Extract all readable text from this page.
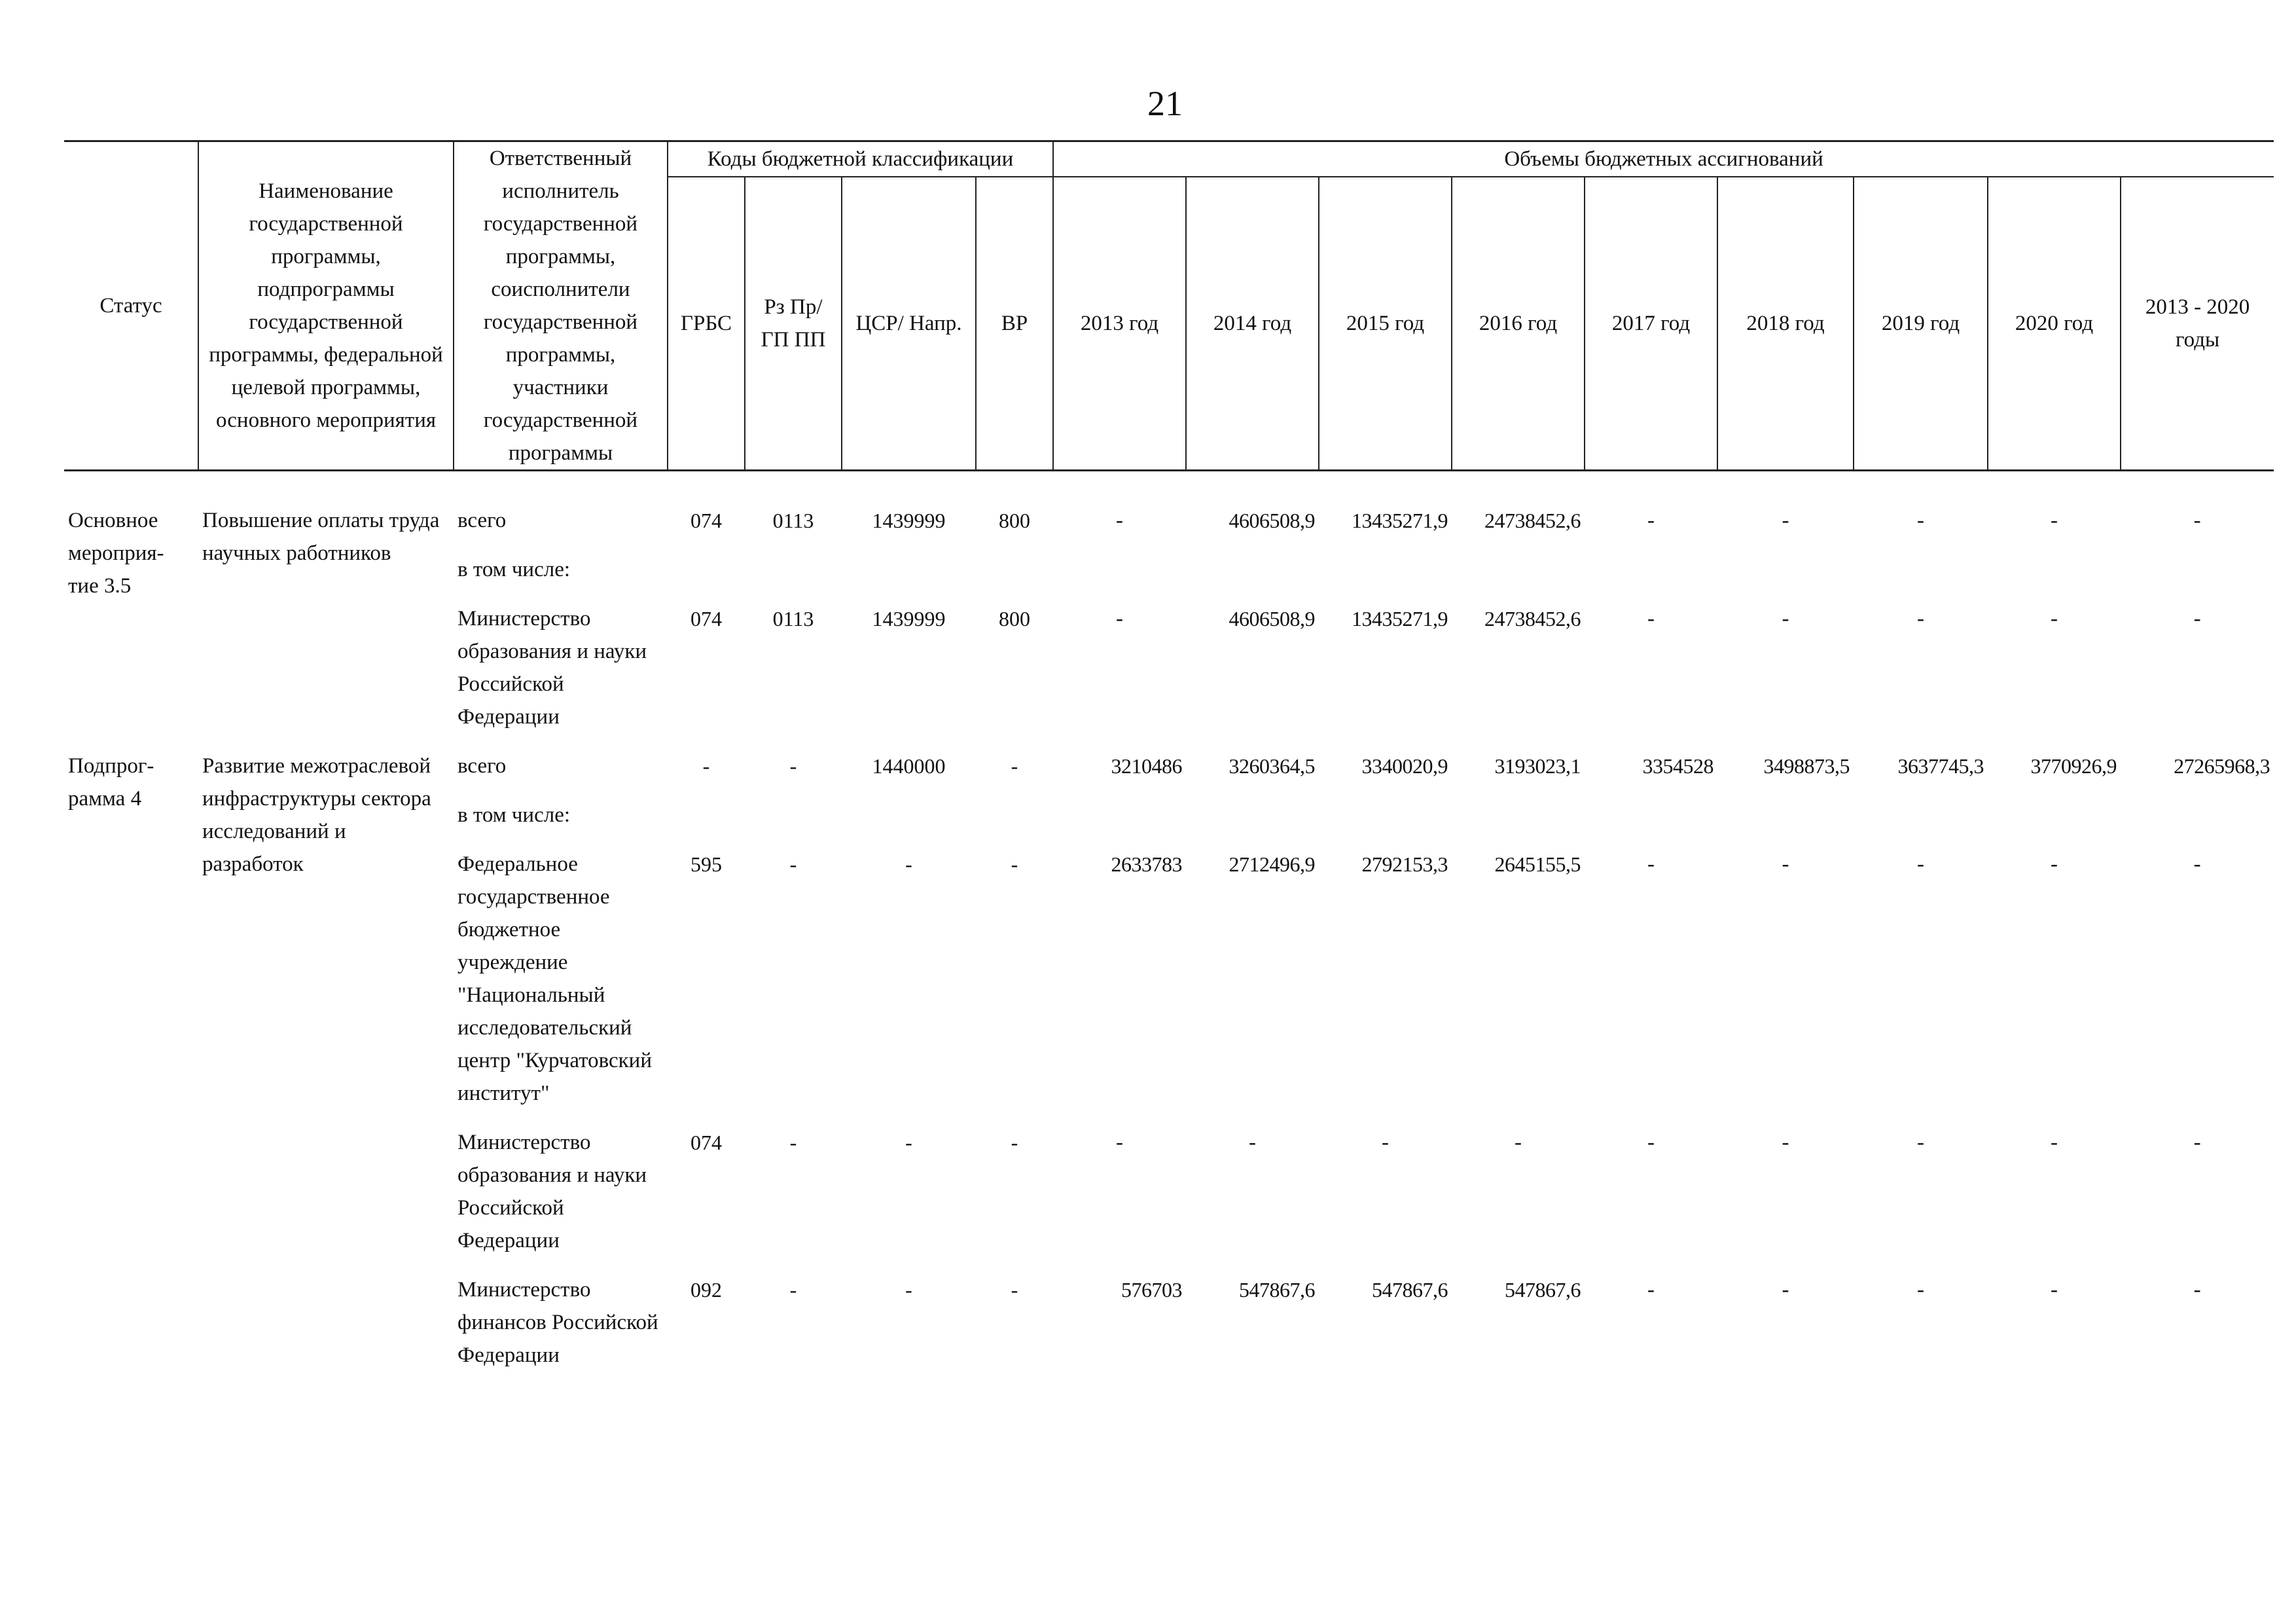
21
Статус	Наименование государственной программы, подпрограммы государственной программы, федеральной целевой программы, основного мероприятия	Ответственный исполнитель государственной программы, соисполнители государственной программы, участники государственной программы	Коды бюджетной классификации				Объемы бюджетных ассигнований								
			ГРБС	Рз Пр/ ГП ПП	ЦСР/ Напр.	ВР	2013 год	2014 год	2015 год	2016 год	2017 год	2018 год	2019 год	2020 год	2013 - 2020 годы

Основное мероприя-тие 3.5	Повышение оплаты труда научных работников	всего	074	0113	1439999	800	-	4606508,9	13435271,9	24738452,6	-	-	-	-	-
		в том числе:													
		Министерство образования и науки Российской Федерации	074	0113	1439999	800	-	4606508,9	13435271,9	24738452,6	-	-	-	-	-
Подпрог-рамма 4	Развитие межотраслевой инфраструктуры сектора исследований и разработок	всего	-	-	1440000	-	3210486	3260364,5	3340020,9	3193023,1	3354528	3498873,5	3637745,3	3770926,9	27265968,3
		в том числе:													
		Федеральное государственное бюджетное учреждение "Национальный исследовательский центр "Курчатовский институт"	595	-	-	-	2633783	2712496,9	2792153,3	2645155,5	-	-	-	-	-
		Министерство образования и науки Российской Федерации	074	-	-	-	-	-	-	-	-	-	-	-	-
		Министерство финансов Российской Федерации	092	-	-	-	576703	547867,6	547867,6	547867,6	-	-	-	-	-
